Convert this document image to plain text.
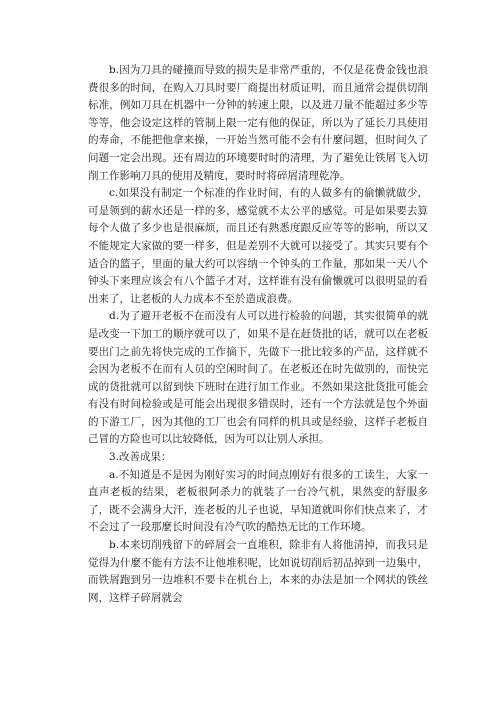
b.因为刀具的碰撞而导致的损失是非常严重的，不仅是花费金钱也浪费很多的时间，在购入刀具时要厂商提出材质证明，而且通常会提供切削标准，例如刀具在机器中一分钟的转速上限，以及进刀量不能超过多少等等等，他会设定这样的管制上限一定有他的保证，所以为了延长刀具使用的寿命，不能把他拿来操，一开始当然可能不会有什麼问题，但时间久了问题一定会出现。还有周边的环境要时时的清理，为了避免让铁屑飞入切削工作影响刀具的使用及精度，要时时将碎屑清理乾净。

c.如果没有制定一个标准的作业时间，有的人做多有的偷懒就做少，可是领到的薪水还是一样的多，感觉就不太公平的感觉。可是如果要去算每个人做了多少也是很麻烦，而且还有熟悉度跟反应等等的影响，所以又不能规定大家做的要一样多，但是差别不大就可以接受了。其实只要有个适合的篮子，里面的量大约可以容纳一个钟头的工作量，那如果一天八个钟头下来理应该会有八个篮子才对，这样谁有没有偷懒就可以很明显的看出来了，让老板的人力成本不至於造成浪费。

d.为了避开老板不在而没有人可以进行检验的问题，其实很简单的就是改变一下加工的顺序就可以了，如果不是在赶货批的话，就可以在老板要出门之前先将快完成的工作摘下，先做下一批比较多的产品，这样就不会因为老板不在而有人员的空闲时间了。在老板还在时先做别的，而快完成的货批就可以留到快下班时在进行加工作业。不然如果这批货批可能会有没有时间检验或是可能会出现很多错误时，还有一个方法就是包个外面的下游工厂，因为其他的工厂也会有同样的机具或是经验，这样子老板自己冒的方险也可以比较降低，因为可以让别人承担。

3.改善成果：

a.不知道是不是因为刚好实习的时间点刚好有很多的工读生，大家一直声老板的结果，老板很阿杀力的就装了一台冷气机，果然变的舒服多了，既不会满身大汗，连老板的儿子也说，早知道就叫你们快点来了，才不会过了一段那麼长时间没有冷气吹的酷热无比的工作环境。

b.本来切削残留下的碎屑会一直堆积，除非有人将他清掉，而我只是觉得为什麼不能有方法不让他堆积呢，比如说切削后初品掉到一边集中，而铁屑跑到另一边堆积不要卡在机台上，本来的办法是加一个网状的铁丝网，这样子碎屑就会
